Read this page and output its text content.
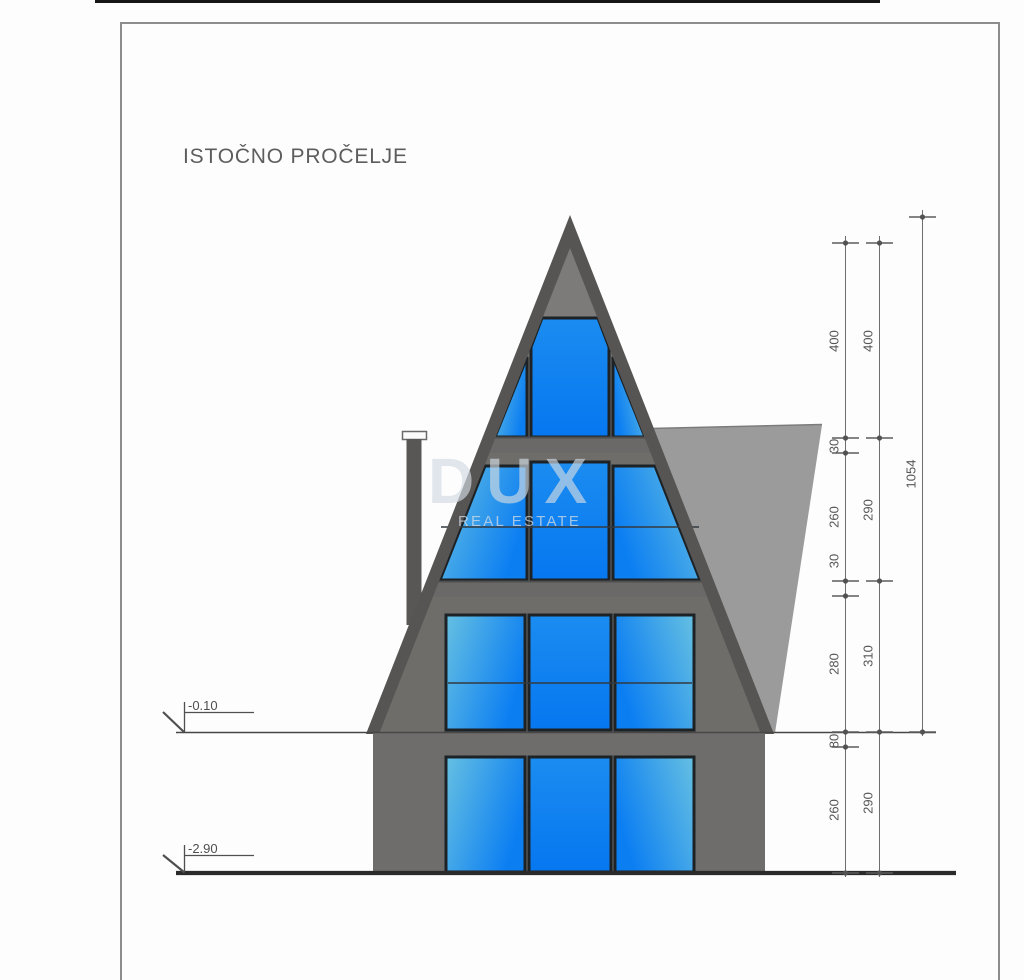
ISTOČNO PROČELJE
-0.10
-2.90
400
30
260
30
280
80
260
400
290
310
290
1054
DUX
REAL ESTATE
